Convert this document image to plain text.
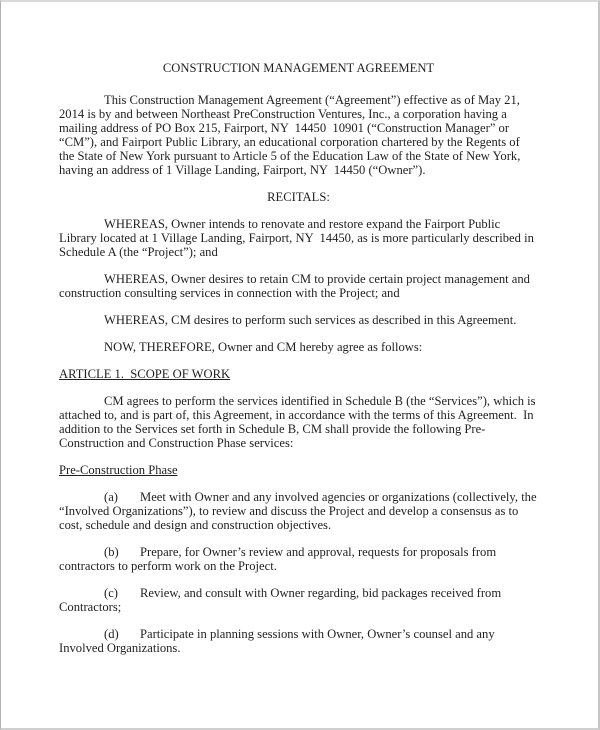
CONSTRUCTION MANAGEMENT AGREEMENT

This Construction Management Agreement (“Agreement”) effective as of May 21, 2014 is by and between Northeast PreConstruction Ventures, Inc., a corporation having a mailing address of PO Box 215, Fairport, NY  14450  10901 (“Construction Manager” or “CM”), and Fairport Public Library, an educational corporation chartered by the Regents of the State of New York pursuant to Article 5 of the Education Law of the State of New York, having an address of 1 Village Landing, Fairport, NY  14450 (“Owner”).

RECITALS:

WHEREAS, Owner intends to renovate and restore expand the Fairport Public Library located at 1 Village Landing, Fairport, NY  14450, as is more particularly described in Schedule A (the “Project”); and

WHEREAS, Owner desires to retain CM to provide certain project management and construction consulting services in connection with the Project; and

WHEREAS, CM desires to perform such services as described in this Agreement.

NOW, THEREFORE, Owner and CM hereby agree as follows:

ARTICLE 1.  SCOPE OF WORK

CM agrees to perform the services identified in Schedule B (the “Services”), which is attached to, and is part of, this Agreement, in accordance with the terms of this Agreement.  In addition to the Services set forth in Schedule B, CM shall provide the following Pre-Construction and Construction Phase services:

Pre-Construction Phase

(a) Meet with Owner and any involved agencies or organizations (collectively, the “Involved Organizations”), to review and discuss the Project and develop a consensus as to cost, schedule and design and construction objectives.

(b) Prepare, for Owner’s review and approval, requests for proposals from contractors to perform work on the Project.

(c) Review, and consult with Owner regarding, bid packages received from Contractors;

(d) Participate in planning sessions with Owner, Owner’s counsel and any Involved Organizations.
